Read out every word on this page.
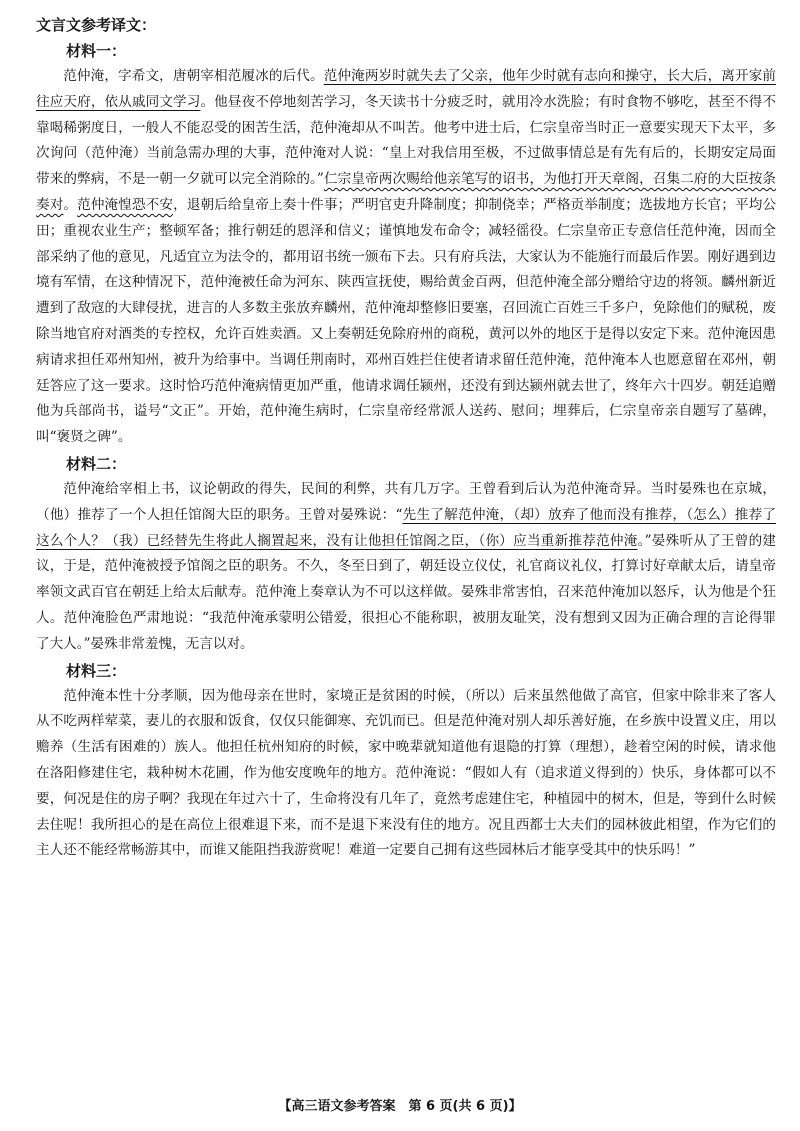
文言文参考译文：
材料一：

范仲淹，字希文，唐朝宰相范履冰的后代。范仲淹两岁时就失去了父亲，他年少时就有志向和操守，长大后，离开家前往应天府，依从戚同文学习。他昼夜不停地刻苦学习，冬天读书十分疲乏时，就用冷水洗脸；有时食物不够吃，甚至不得不靠喝稀粥度日，一般人不能忍受的困苦生活，范仲淹却从不叫苦。他考中进士后，仁宗皇帝当时正一意要实现天下太平，多次询问（范仲淹）当前急需办理的大事，范仲淹对人说：“皇上对我信用至极，不过做事情总是有先有后的，长期安定局面带来的弊病，不是一朝一夕就可以完全消除的。”仁宗皇帝两次赐给他亲笔写的诏书，为他打开天章阁，召集二府的大臣按条奏对。范仲淹惶恐不安，退朝后给皇帝上奏十件事；严明官吏升降制度；抑制侥幸；严格贡举制度；选拔地方长官；平均公田；重视农业生产；整顿军备；推行朝廷的恩泽和信义；谨慎地发布命令；减轻徭役。仁宗皇帝正专意信任范仲淹，因而全部采纳了他的意见，凡适宜立为法令的，都用诏书统一颁布下去。只有府兵法，大家认为不能施行而最后作罢。刚好遇到边境有军情，在这种情况下，范仲淹被任命为河东、陕西宣抚使，赐给黄金百两，但范仲淹全部分赠给守边的将领。麟州新近遭到了敌寇的大肆侵扰，进言的人多数主张放弃麟州，范仲淹却整修旧要塞，召回流亡百姓三千多户，免除他们的赋税，废除当地官府对酒类的专控权，允许百姓卖酒。又上奏朝廷免除府州的商税，黄河以外的地区于是得以安定下来。范仲淹因患病请求担任邓州知州，被升为给事中。当调任荆南时，邓州百姓拦住使者请求留任范仲淹，范仲淹本人也愿意留在邓州，朝廷答应了这一要求。这时恰巧范仲淹病情更加严重，他请求调任颍州，还没有到达颍州就去世了，终年六十四岁。朝廷追赠他为兵部尚书，谥号“文正”。开始，范仲淹生病时，仁宗皇帝经常派人送药、慰问；埋葬后，仁宗皇帝亲自题写了墓碑，叫“褒贤之碑”。

材料二：

范仲淹给宰相上书，议论朝政的得失，民间的利弊，共有几万字。王曾看到后认为范仲淹奇异。当时晏殊也在京城，（他）推荐了一个人担任馆阁大臣的职务。王曾对晏殊说：“先生了解范仲淹，（却）放弃了他而没有推荐，（怎么）推荐了这么个人？（我）已经替先生将此人搁置起来，没有让他担任馆阁之臣，（你）应当重新推荐范仲淹。”晏殊听从了王曾的建议，于是，范仲淹被授予馆阁之臣的职务。不久，冬至日到了，朝廷设立仪仗，礼官商议礼仪，打算讨好章献太后，请皇帝率领文武百官在朝廷上给太后献寿。范仲淹上奏章认为不可以这样做。晏殊非常害怕，召来范仲淹加以怒斥，认为他是个狂人。范仲淹脸色严肃地说：“我范仲淹承蒙明公错爱，很担心不能称职，被朋友耻笑，没有想到又因为正确合理的言论得罪了大人。”晏殊非常羞愧，无言以对。

材料三：

范仲淹本性十分孝顺，因为他母亲在世时，家境正是贫困的时候，（所以）后来虽然他做了高官，但家中除非来了客人从不吃两样荤菜，妻儿的衣服和饭食，仅仅只能御寒、充饥而已。但是范仲淹对别人却乐善好施，在乡族中设置义庄，用以赡养（生活有困难的）族人。他担任杭州知府的时候，家中晚辈就知道他有退隐的打算（理想），趁着空闲的时候，请求他在洛阳修建住宅，栽种树木花圃，作为他安度晚年的地方。范仲淹说：“假如人有（追求道义得到的）快乐，身体都可以不要，何况是住的房子啊？我现在年过六十了，生命将没有几年了，竟然考虑建住宅，种植园中的树木，但是，等到什么时候去住呢！我所担心的是在高位上很难退下来，而不是退下来没有住的地方。况且西都士大夫们的园林彼此相望，作为它们的主人还不能经常畅游其中，而谁又能阻挡我游赏呢！难道一定要自己拥有这些园林后才能享受其中的快乐吗！”

【高三语文参考答案　第 6 页(共 6 页)】
